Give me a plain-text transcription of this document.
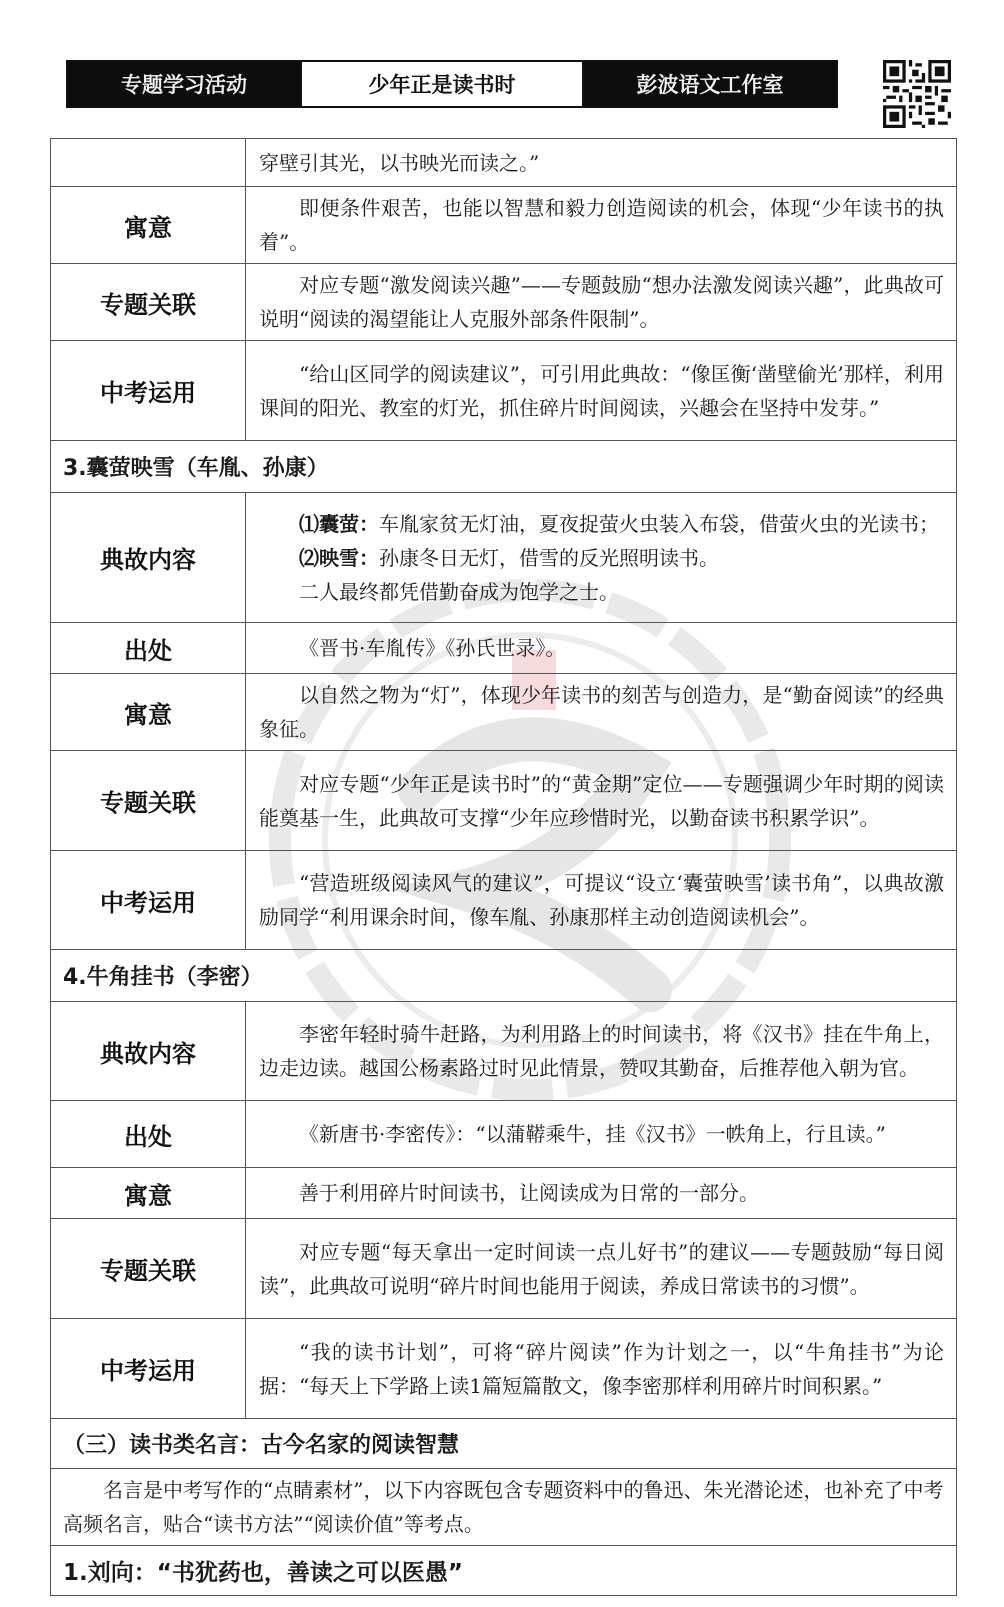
专题学习活动	少年正是读书时	彭波语文工作室

	穿壁引其光，以书映光而读之。”

寓意	即便条件艰苦，也能以智慧和毅力创造阅读的机会，体现“少年读书的执着”。

专题关联	对应专题“激发阅读兴趣”——专题鼓励“想办法激发阅读兴趣”，此典故可说明“阅读的渴望能让人克服外部条件限制”。

中考运用	“给山区同学的阅读建议”，可引用此典故：“像匡衡‘凿壁偷光’那样，利用课间的阳光、教室的灯光，抓住碎片时间阅读，兴趣会在坚持中发芽。”

3.囊萤映雪（车胤、孙康）	
典故内容	⑴囊萤：车胤家贫无灯油，夏夜捉萤火虫装入布袋，借萤火虫的光读书；
⑵映雪：孙康冬日无灯，借雪的反光照明读书。
二人最终都凭借勤奋成为饱学之士。

出处	《晋书·车胤传》《孙氏世录》。

寓意	以自然之物为“灯”，体现少年读书的刻苦与创造力，是“勤奋阅读”的经典象征。

专题关联	对应专题“少年正是读书时”的“黄金期”定位——专题强调少年时期的阅读能奠基一生，此典故可支撑“少年应珍惜时光，以勤奋读书积累学识”。

中考运用	“营造班级阅读风气的建议”，可提议“设立‘囊萤映雪’读书角”，以典故激励同学“利用课余时间，像车胤、孙康那样主动创造阅读机会”。

4.牛角挂书（李密）	
典故内容	李密年轻时骑牛赶路，为利用路上的时间读书，将《汉书》挂在牛角上，边走边读。越国公杨素路过时见此情景，赞叹其勤奋，后推荐他入朝为官。

出处	《新唐书·李密传》：“以蒲鞯乘牛，挂《汉书》一帙角上，行且读。”

寓意	善于利用碎片时间读书，让阅读成为日常的一部分。

专题关联	对应专题“每天拿出一定时间读一点儿好书”的建议——专题鼓励“每日阅读”，此典故可说明“碎片时间也能用于阅读，养成日常读书的习惯”。

中考运用	“我的读书计划”，可将“碎片阅读”作为计划之一，以“牛角挂书”为论据：“每天上下学路上读1篇短篇散文，像李密那样利用碎片时间积累。”

（三）读书类名言：古今名家的阅读智慧	

名言是中考写作的“点睛素材”，以下内容既包含专题资料中的鲁迅、朱光潜论述，也补充了中考高频名言，贴合“读书方法”“阅读价值”等考点。	

1.刘向：“书犹药也，善读之可以医愚”	
